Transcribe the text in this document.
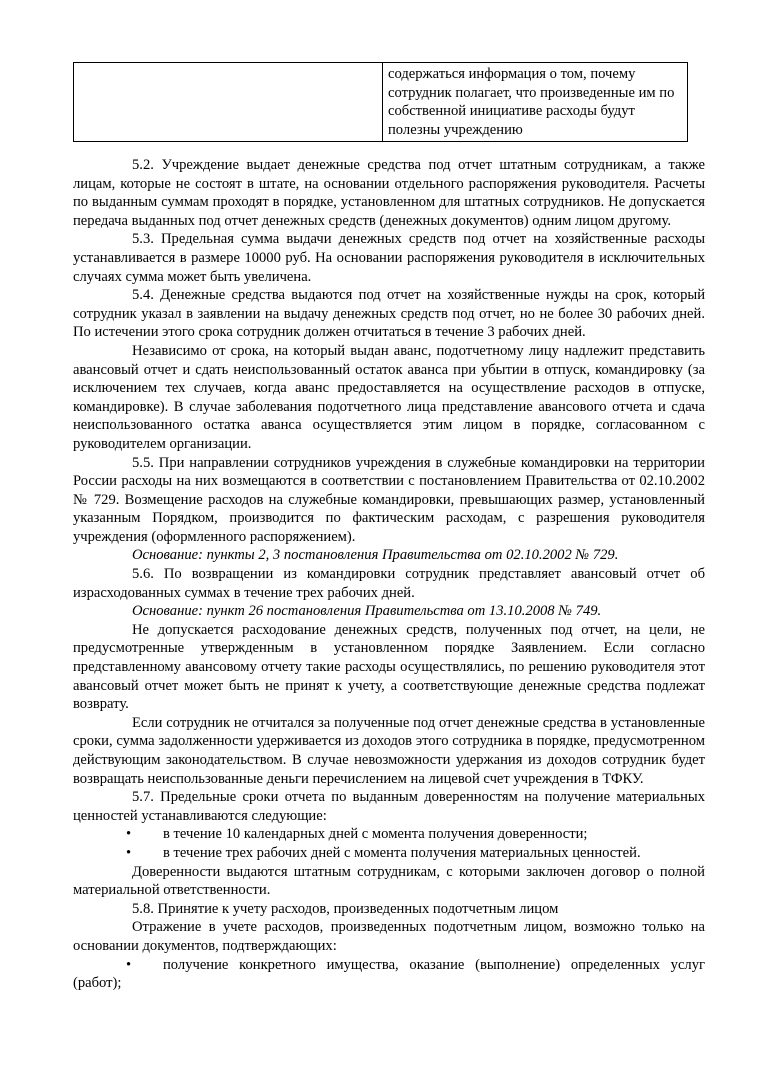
	содержаться информация о том, почему сотрудник полагает, что произведенные им по собственной инициативе расходы будут полезны учреждению

5.2. Учреждение выдает денежные средства под отчет штатным сотрудникам, а также лицам, которые не состоят в штате, на основании отдельного распоряжения руководителя. Расчеты по выданным суммам проходят в порядке, установленном для штатных сотрудников. Не допускается передача выданных под отчет денежных средств (денежных документов) одним лицом другому.

5.3. Предельная сумма выдачи денежных средств под отчет на хозяйственные расходы устанавливается в размере 10000 руб. На основании распоряжения руководителя в исключительных случаях сумма может быть увеличена.

5.4. Денежные средства выдаются под отчет на хозяйственные нужды на срок, который сотрудник указал в заявлении на выдачу денежных средств под отчет, но не более 30 рабочих дней. По истечении этого срока сотрудник должен отчитаться в течение 3 рабочих дней.

Независимо от срока, на который выдан аванс, подотчетному лицу надлежит представить авансовый отчет и сдать неиспользованный остаток аванса при убытии в отпуск, командировку (за исключением тех случаев, когда аванс предоставляется на осуществление расходов в отпуске, командировке). В случае заболевания подотчетного лица представление авансового отчета и сдача неиспользованного остатка аванса осуществляется этим лицом в порядке, согласованном с руководителем организации.

5.5. При направлении сотрудников учреждения в служебные командировки на территории России расходы на них возмещаются в соответствии с постановлением Правительства от 02.10.2002 № 729. Возмещение расходов на служебные командировки, превышающих размер, установленный указанным Порядком, производится по фактическим расходам, с разрешения руководителя учреждения (оформленного распоряжением).

Основание: пункты 2, 3 постановления Правительства от 02.10.2002 № 729.

5.6. По возвращении из командировки сотрудник представляет авансовый отчет об израсходованных суммах в течение трех рабочих дней.

Основание: пункт 26 постановления Правительства от 13.10.2008 № 749.

Не допускается расходование денежных средств, полученных под отчет, на цели, не предусмотренные утвержденным в установленном порядке Заявлением. Если согласно представленному авансовому отчету такие расходы осуществлялись, по решению руководителя этот авансовый отчет может быть не принят к учету, а соответствующие денежные средства подлежат возврату.

Если сотрудник не отчитался за полученные под отчет денежные средства в установленные сроки, сумма задолженности удерживается из доходов этого сотрудника в порядке, предусмотренном действующим законодательством. В случае невозможности удержания из доходов сотрудник будет возвращать неиспользованные деньги перечислением на лицевой счет учреждения в ТФКУ.

5.7. Предельные сроки отчета по выданным доверенностям на получение материальных ценностей устанавливаются следующие:

• в течение 10 календарных дней с момента получения доверенности;
• в течение трех рабочих дней с момента получения материальных ценностей.

Доверенности выдаются штатным сотрудникам, с которыми заключен договор о полной материальной ответственности.

5.8. Принятие к учету расходов, произведенных подотчетным лицом

Отражение в учете расходов, произведенных подотчетным лицом, возможно только на основании документов, подтверждающих:

• получение конкретного имущества, оказание (выполнение) определенных услуг (работ);
